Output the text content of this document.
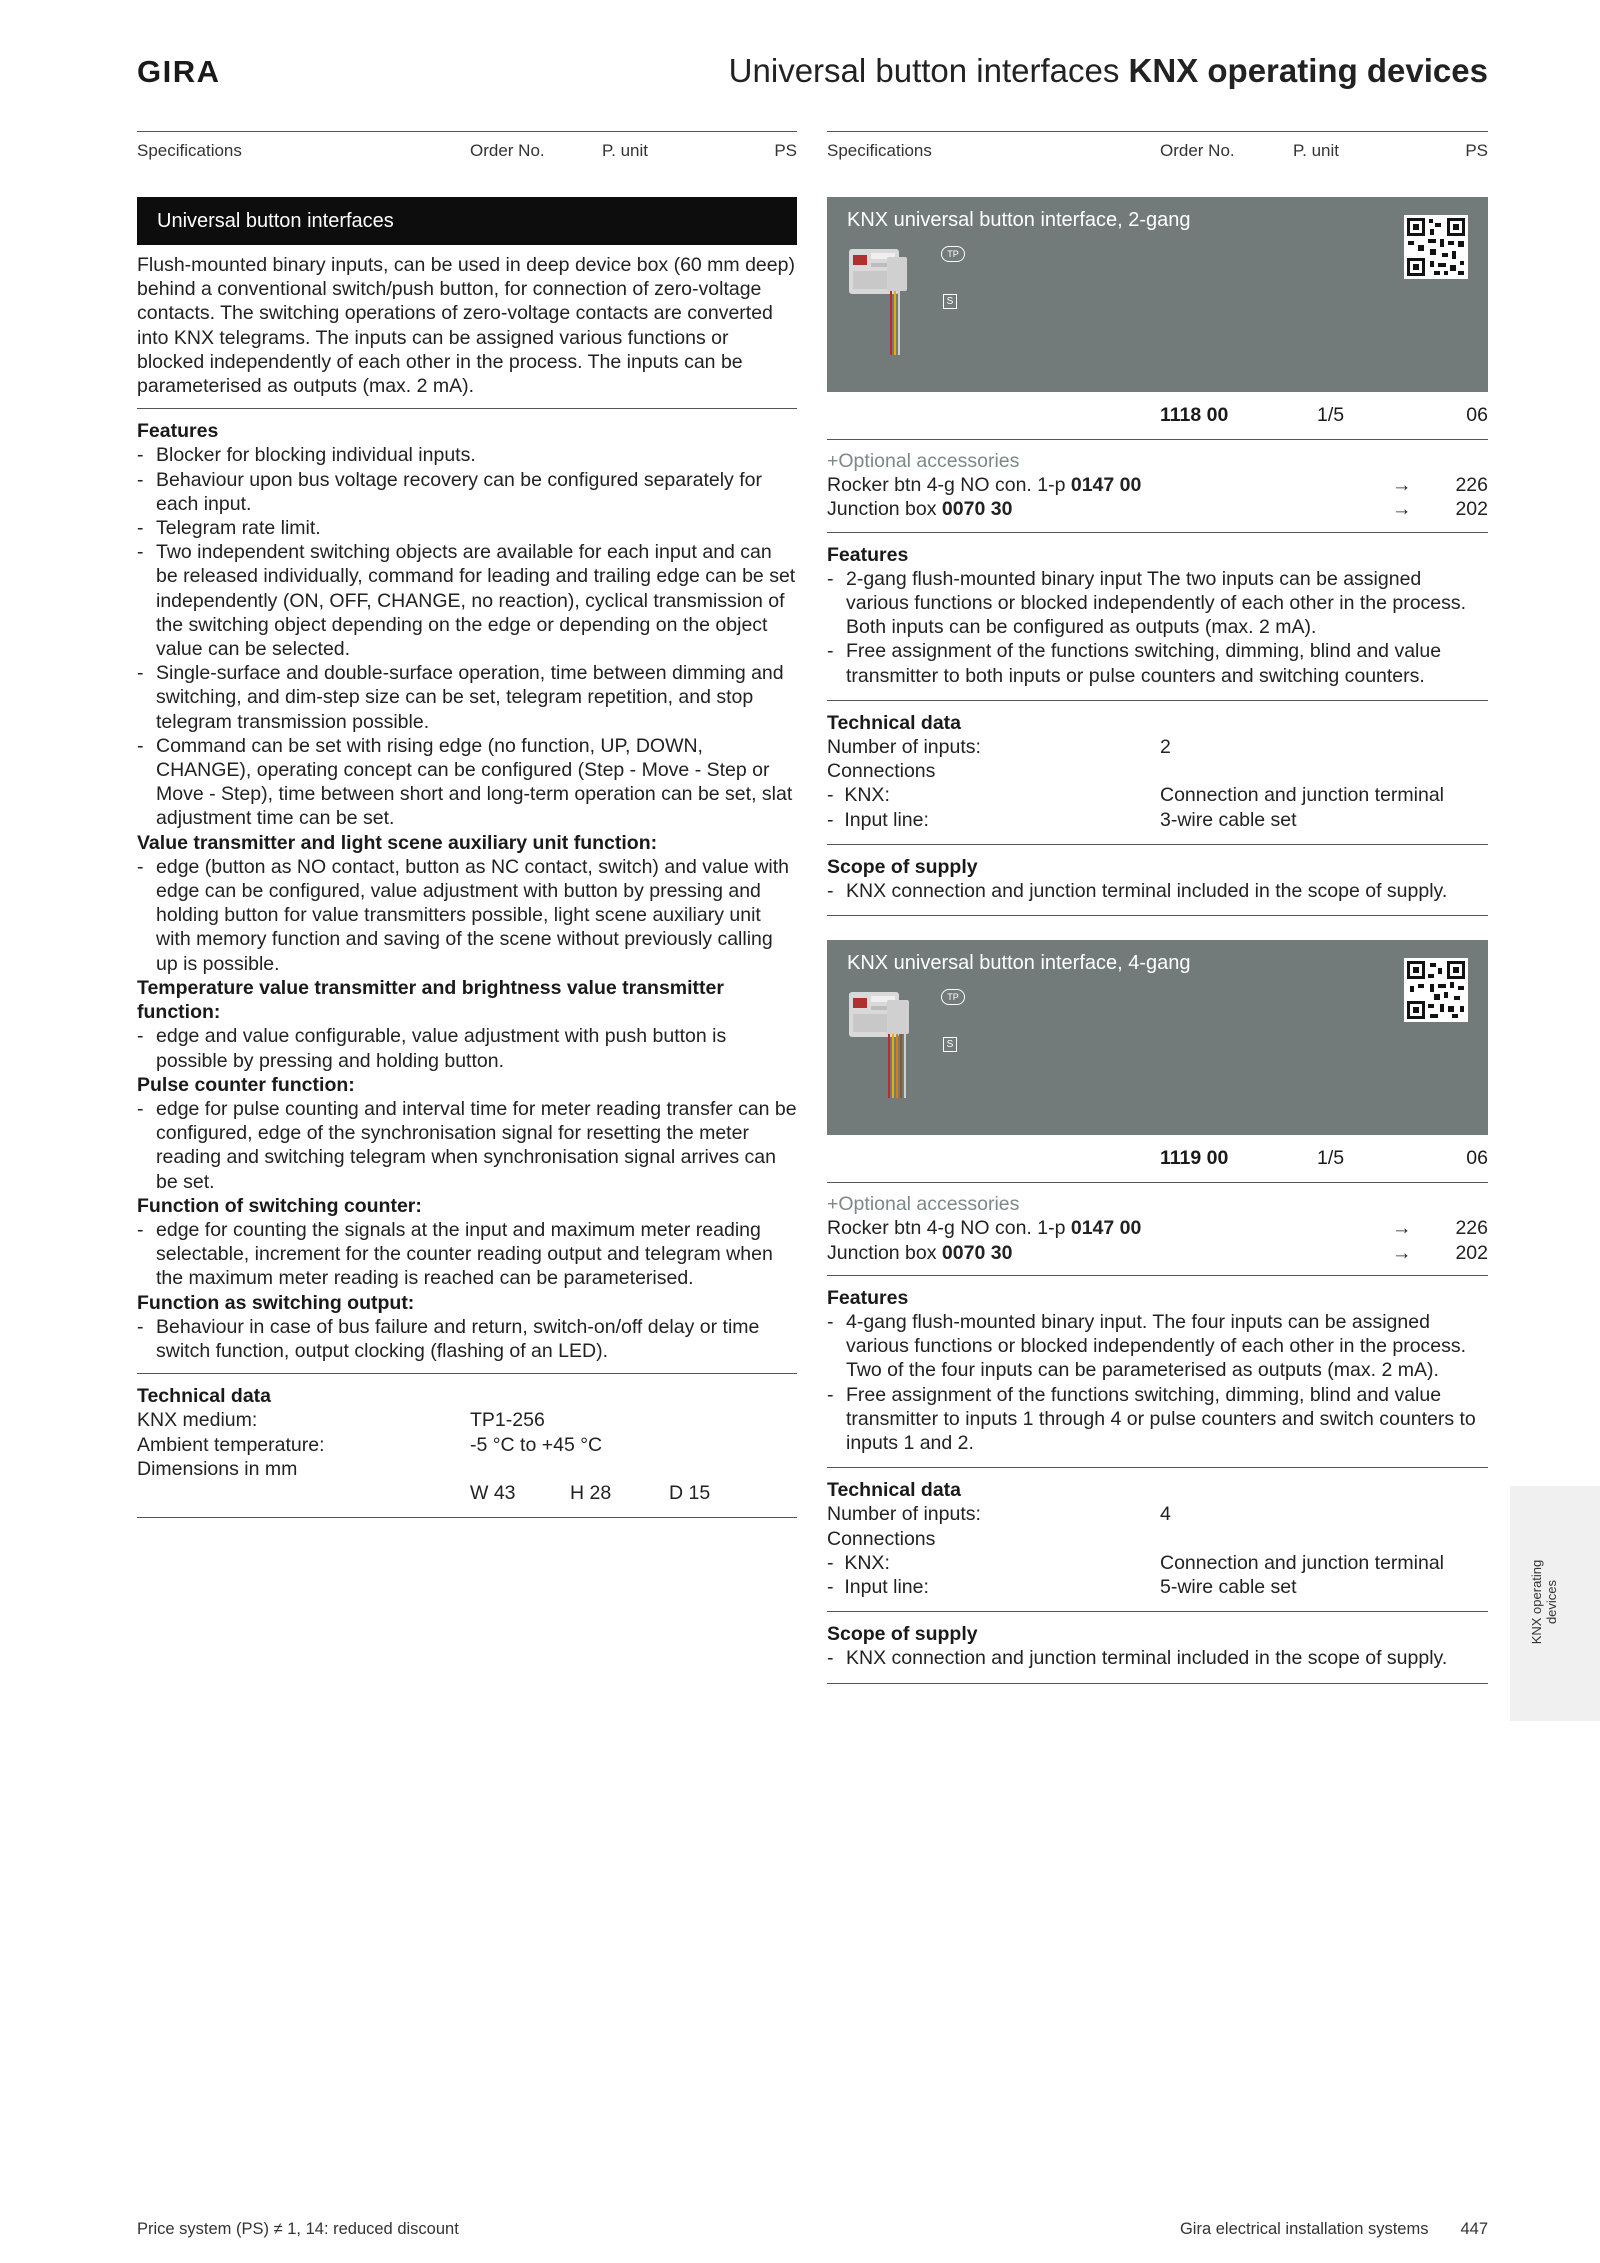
GIRA	Universal button interfaces KNX operating devices
Specifications	Order No.	P. unit	PS
Universal button interfaces
Flush-mounted binary inputs, can be used in deep device box (60 mm deep) behind a conventional switch/push button, for connection of zero-voltage contacts. The switching operations of zero-voltage contacts are converted into KNX telegrams. The inputs can be assigned various functions or blocked independently of each other in the process. The inputs can be parameterised as outputs (max. 2 mA).
Features
- Blocker for blocking individual inputs.
- Behaviour upon bus voltage recovery can be configured separately for each input.
- Telegram rate limit.
- Two independent switching objects are available for each input and can be released individually, command for leading and trailing edge can be set independently (ON, OFF, CHANGE, no reaction), cyclical transmission of the switching object depending on the edge or depending on the object value can be selected.
- Single-surface and double-surface operation, time between dimming and switching, and dim-step size can be set, telegram repetition, and stop telegram transmission possible.
- Command can be set with rising edge (no function, UP, DOWN, CHANGE), operating concept can be configured (Step - Move - Step or Move - Step), time between short and long-term operation can be set, slat adjustment time can be set.
Value transmitter and light scene auxiliary unit function:
- edge (button as NO contact, button as NC contact, switch) and value with edge can be configured, value adjustment with button by pressing and holding button for value transmitters possible, light scene auxiliary unit with memory function and saving of the scene without previously calling up is possible.
Temperature value transmitter and brightness value transmitter function:
- edge and value configurable, value adjustment with push button is possible by pressing and holding button.
Pulse counter function:
- edge for pulse counting and interval time for meter reading transfer can be configured, edge of the synchronisation signal for resetting the meter reading and switching telegram when synchronisation signal arrives can be set.
Function of switching counter:
- edge for counting the signals at the input and maximum meter reading selectable, increment for the counter reading output and telegram when the maximum meter reading is reached can be parameterised.
Function as switching output:
- Behaviour in case of bus failure and return, switch-on/off delay or time switch function, output clocking (flashing of an LED).
Technical data
KNX medium:	TP1-256
Ambient temperature:	-5 °C to +45 °C
Dimensions in mm
W 43	H 28	D 15
Specifications	Order No.	P. unit	PS
KNX universal button interface, 2-gang
TP
S
1118 00	1/5	06
+Optional accessories
Rocker btn 4-g NO con. 1-p 0147 00	→ 226
Junction box 0070 30	→ 202
Features
- 2-gang flush-mounted binary input The two inputs can be assigned various functions or blocked independently of each other in the process. Both inputs can be configured as outputs (max. 2 mA).
- Free assignment of the functions switching, dimming, blind and value transmitter to both inputs or pulse counters and switching counters.
Technical data
Number of inputs:	2
Connections
-  KNX:	Connection and junction terminal
-  Input line:	3-wire cable set
Scope of supply
- KNX connection and junction terminal included in the scope of supply.
KNX universal button interface, 4-gang
TP
S
1119 00	1/5	06
+Optional accessories
Rocker btn 4-g NO con. 1-p 0147 00	→ 226
Junction box 0070 30	→ 202
Features
- 4-gang flush-mounted binary input. The four inputs can be assigned various functions or blocked independently of each other in the process. Two of the four inputs can be parameterised as outputs (max. 2 mA).
- Free assignment of the functions switching, dimming, blind and value transmitter to inputs 1 through 4 or pulse counters and switch counters to inputs 1 and 2.
Technical data
Number of inputs:	4
Connections
-  KNX:	Connection and junction terminal
-  Input line:	5-wire cable set
Scope of supply
- KNX connection and junction terminal included in the scope of supply.
KNX operating devices
Price system (PS) ≠ 1, 14: reduced discount	Gira electrical installation systems 447
